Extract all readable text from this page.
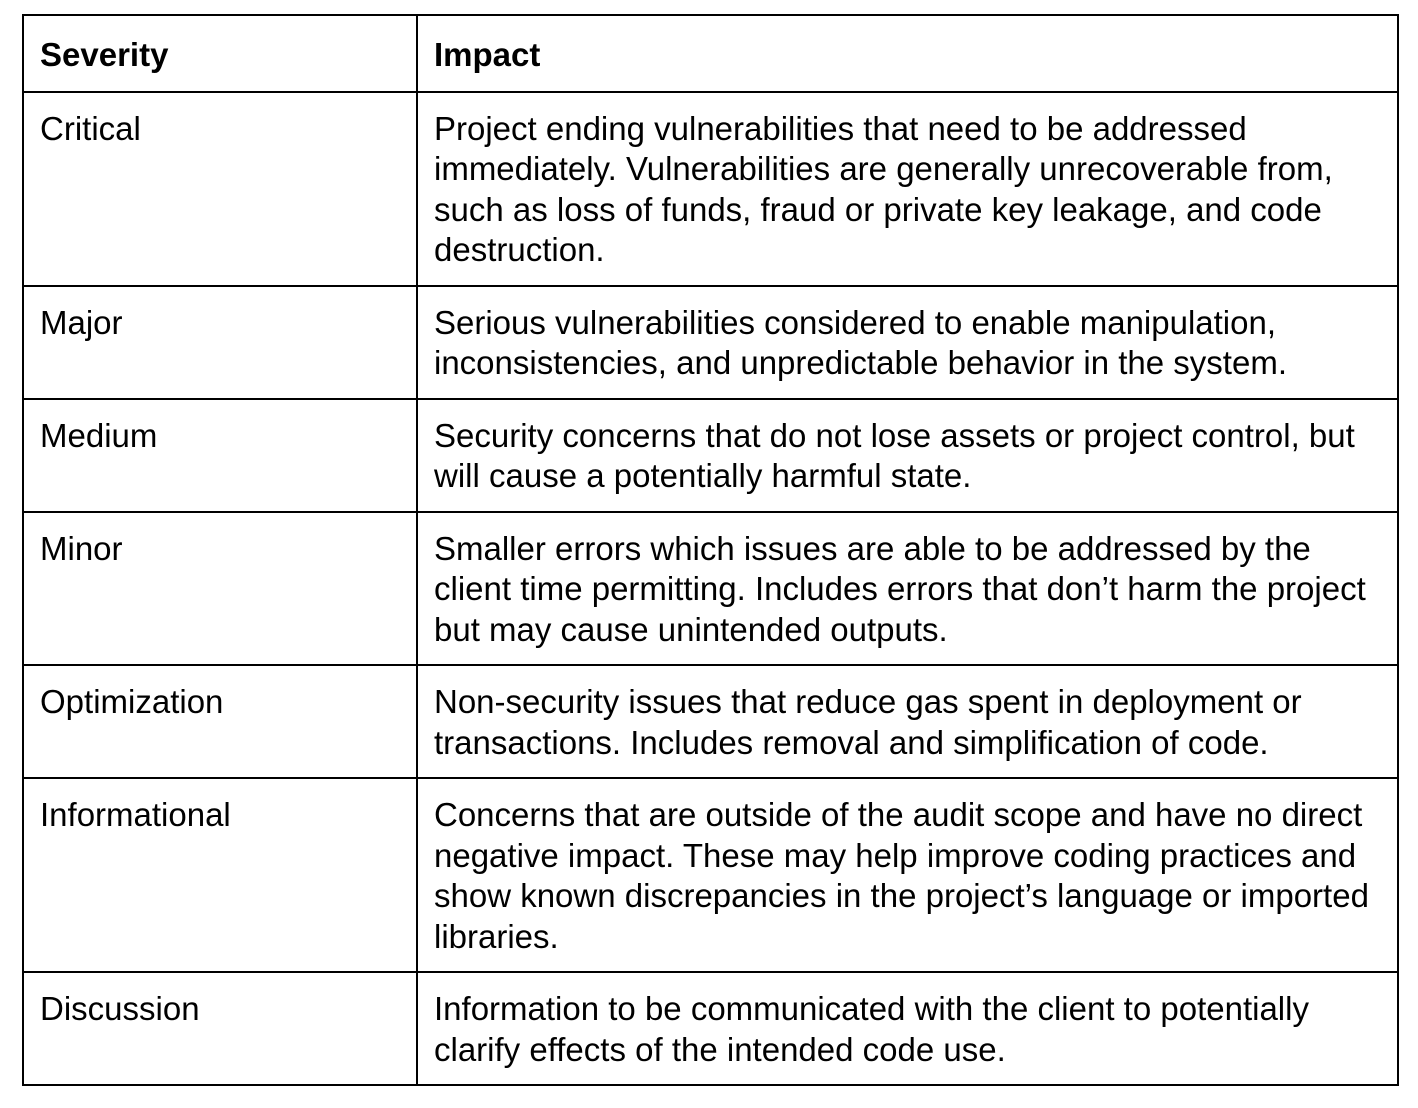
Severity	Impact
Critical	Project ending vulnerabilities that need to be addressed immediately. Vulnerabilities are generally unrecoverable from, such as loss of funds, fraud or private key leakage, and code destruction.
Major	Serious vulnerabilities considered to enable manipulation, inconsistencies, and unpredictable behavior in the system.
Medium	Security concerns that do not lose assets or project control, but will cause a potentially harmful state.
Minor	Smaller errors which issues are able to be addressed by the client time permitting. Includes errors that don’t harm the project but may cause unintended outputs.
Optimization	Non-security issues that reduce gas spent in deployment or transactions. Includes removal and simplification of code.
Informational	Concerns that are outside of the audit scope and have no direct negative impact. These may help improve coding practices and show known discrepancies in the project’s language or imported libraries.
Discussion	Information to be communicated with the client to potentially clarify effects of the intended code use.
